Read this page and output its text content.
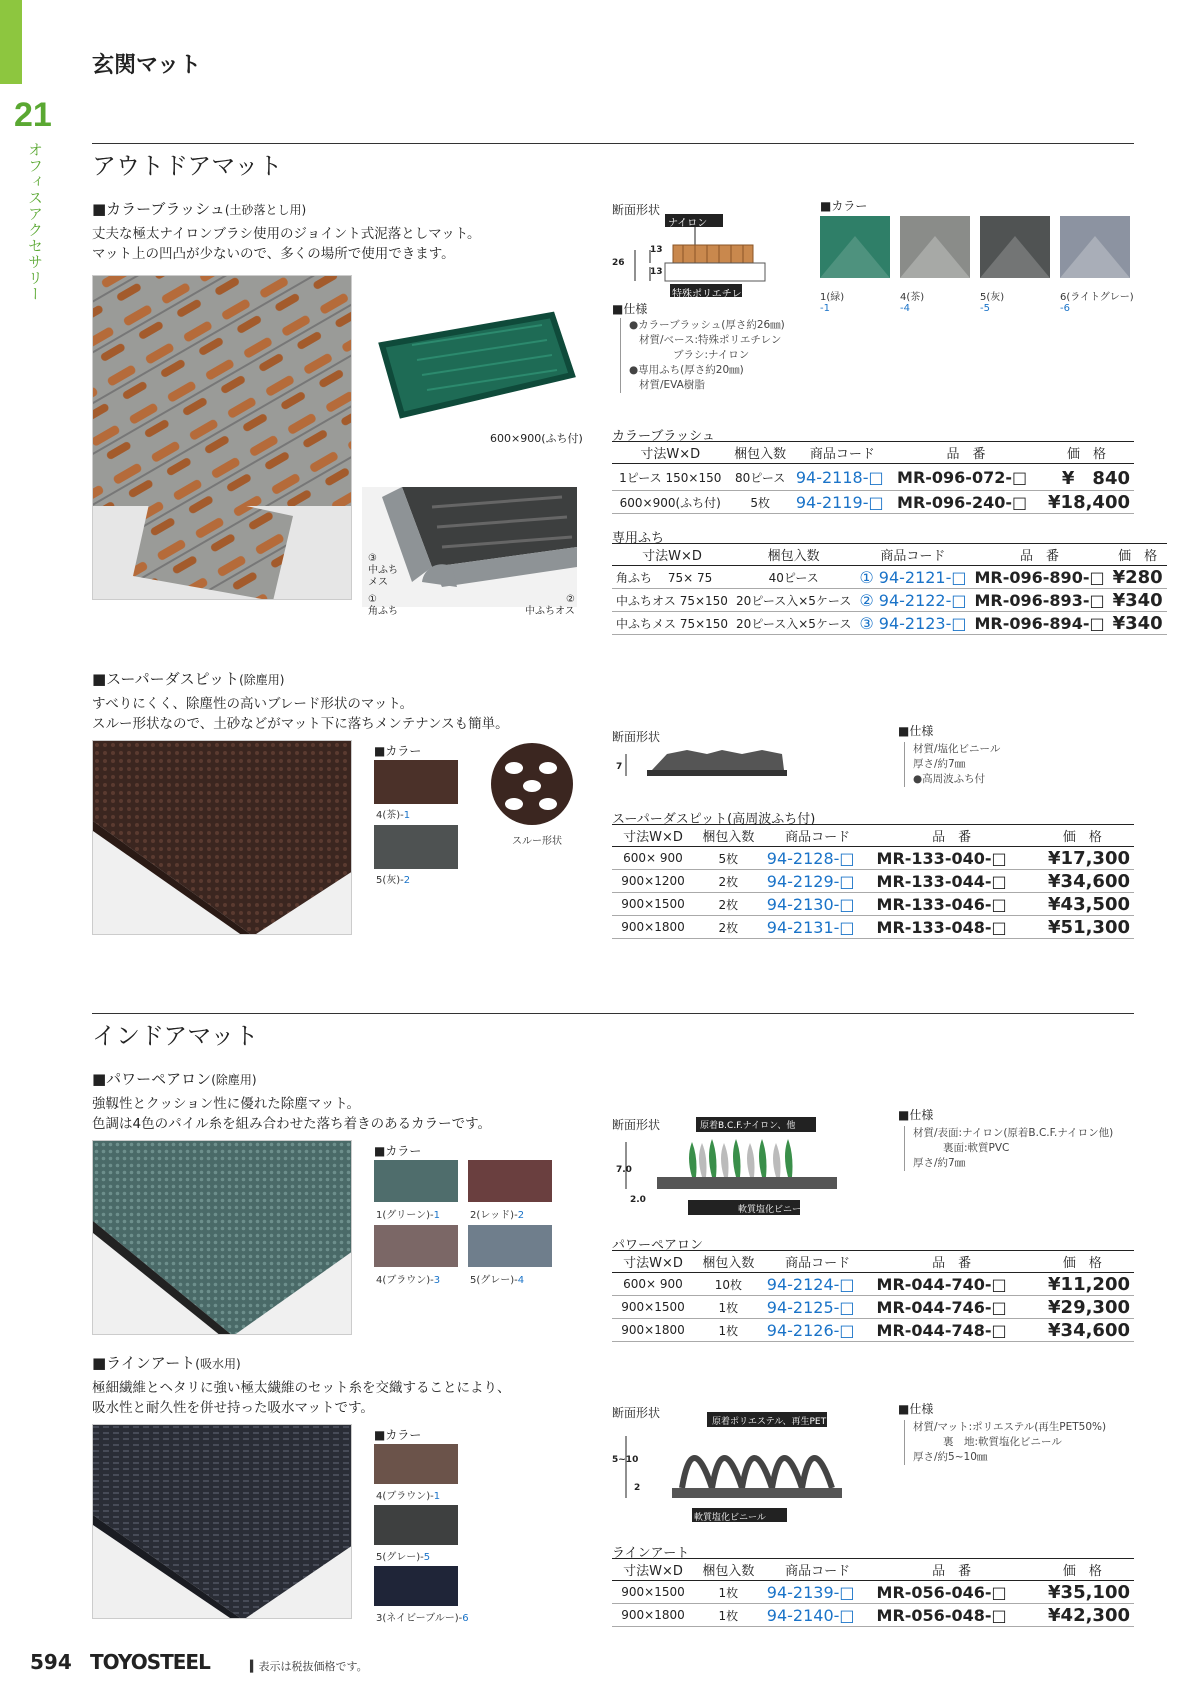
21
オフィスアクセサリー
玄関マット
アウトドアマット
■カラーブラッシュ(土砂落とし用)
丈夫な極太ナイロンブラシ使用のジョイント式泥落としマット。
マット上の凹凸が少ないので、多くの場所で使用できます。
600×900(ふち付)
③
中ふち
メス
①
角ふち
②
中ふちオス
断面形状
ナイロン
特殊ポリエチレン
13
26
13
■仕様
●カラーブラッシュ(厚さ約26㎜)
材質/ベース:特殊ポリエチレン
ブラシ:ナイロン
●専用ふち(厚さ約20㎜)
材質/EVA樹脂
■カラー
1(緑)
-1
4(茶)
-4
5(灰)
-5
6(ライトグレー)
-6
カラーブラッシュ
寸法W×D	梱包入数	商品コード	品　番	価　格
1ピース 150×150	80ピース	94-2118-□	MR-096-072-□	¥　840
600×900(ふち付)	5枚	94-2119-□	MR-096-240-□	¥18,400
専用ふち
寸法W×D	梱包入数	商品コード	品　番	価　格
角ふち　 75× 75	40ピース	① 94-2121-□	MR-096-890-□	¥280
中ふちオス 75×150	20ピース入×5ケース	② 94-2122-□	MR-096-893-□	¥340
中ふちメス 75×150	20ピース入×5ケース	③ 94-2123-□	MR-096-894-□	¥340
■スーパーダスピット(除塵用)
すべりにくく、除塵性の高いブレード形状のマット。
スルー形状なので、土砂などがマット下に落ちメンテナンスも簡単。
■カラー
4(茶)-1
5(灰)-2
スルー形状
断面形状
7
■仕様
材質/塩化ビニール
厚さ/約7㎜
●高周波ふち付
スーパーダスピット(高周波ふち付)
寸法W×D	梱包入数	商品コード	品　番	価　格
600× 900	5枚	94-2128-□	MR-133-040-□	¥17,300
900×1200	2枚	94-2129-□	MR-133-044-□	¥34,600
900×1500	2枚	94-2130-□	MR-133-046-□	¥43,500
900×1800	2枚	94-2131-□	MR-133-048-□	¥51,300
インドアマット
■パワーペアロン(除塵用)
強靱性とクッション性に優れた除塵マット。
色調は4色のパイル糸を組み合わせた落ち着きのあるカラーです。
■カラー
1(グリーン)-1	2(レッド)-2
4(ブラウン)-3	5(グレー)-4
断面形状	原着B.C.F.ナイロン、他
軟質塩化ビニール
7.0
2.0
■仕様
材質/表面:ナイロン(原着B.C.F.ナイロン他)
裏面:軟質PVC
厚さ/約7㎜
パワーペアロン
寸法W×D	梱包入数	商品コード	品　番	価　格
600× 900	10枚	94-2124-□	MR-044-740-□	¥11,200
900×1500	1枚	94-2125-□	MR-044-746-□	¥29,300
900×1800	1枚	94-2126-□	MR-044-748-□	¥34,600
■ラインアート(吸水用)
極細繊維とヘタリに強い極太繊維のセット糸を交織することにより、
吸水性と耐久性を併せ持った吸水マットです。
■カラー
4(ブラウン)-1
5(グレー)-5
3(ネイビーブルー)-6
断面形状
原着ポリエステル、再生PET
軟質塩化ビニール
5~10
2
■仕様
材質/マット:ポリエステル(再生PET50%)
裏　地:軟質塩化ビニール
厚さ/約5~10㎜
ラインアート
寸法W×D	梱包入数	商品コード	品　番	価　格
900×1500	1枚	94-2139-□	MR-056-046-□	¥35,100
900×1800	1枚	94-2140-□	MR-056-048-□	¥42,300
594 TOYOSTEEL	▍表示は税抜価格です。
